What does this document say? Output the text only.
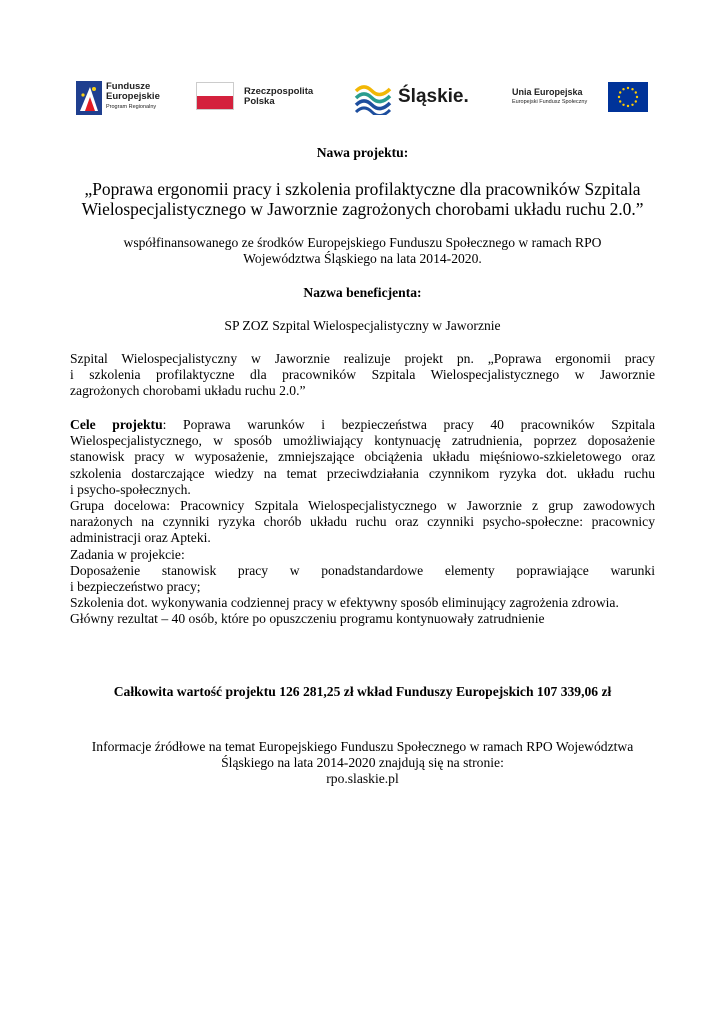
Fundusze
Europejskie
Program Regionalny
Rzeczpospolita
Polska	Śląskie.	Unia Europejska
Europejski Fundusz Społeczny
Nawa projektu:
„Poprawa ergonomii pracy i szkolenia profilaktyczne dla pracowników Szpitala
Wielospecjalistycznego w Jaworznie zagrożonych chorobami układu ruchu 2.0.”
współfinansowanego ze środków Europejskiego Funduszu Społecznego w ramach RPO
Województwa Śląskiego na lata 2014-2020.
Nazwa beneficjenta:
SP ZOZ Szpital Wielospecjalistyczny w Jaworznie
Szpital Wielospecjalistyczny w Jaworznie realizuje projekt pn. „Poprawa ergonomii pracy
i szkolenia profilaktyczne dla pracowników Szpitala Wielospecjalistycznego w Jaworznie
zagrożonych chorobami układu ruchu 2.0.”
Cele projektu: Poprawa warunków i bezpieczeństwa pracy 40 pracowników Szpitala
Wielospecjalistycznego, w sposób umożliwiający kontynuację zatrudnienia, poprzez doposażenie
stanowisk pracy w wyposażenie, zmniejszające obciążenia układu mięśniowo-szkieletowego oraz
szkolenia dostarczające wiedzy na temat przeciwdziałania czynnikom ryzyka dot. układu ruchu
i psycho-społecznych.
Grupa docelowa: Pracownicy Szpitala Wielospecjalistycznego w Jaworznie z grup zawodowych
narażonych na czynniki ryzyka chorób układu ruchu oraz czynniki psycho-społeczne: pracownicy
administracji oraz Apteki.
Zadania w projekcie:
Doposażenie stanowisk pracy w ponadstandardowe elementy poprawiające warunki
i bezpieczeństwo pracy;
Szkolenia dot. wykonywania codziennej pracy w efektywny sposób eliminujący zagrożenia zdrowia.
Główny rezultat – 40 osób, które po opuszczeniu programu kontynuowały zatrudnienie
Całkowita wartość projektu 126 281,25 zł wkład Funduszy Europejskich 107 339,06 zł
Informacje źródłowe na temat Europejskiego Funduszu Społecznego w ramach RPO Województwa
Śląskiego na lata 2014-2020 znajdują się na stronie:
rpo.slaskie.pl
